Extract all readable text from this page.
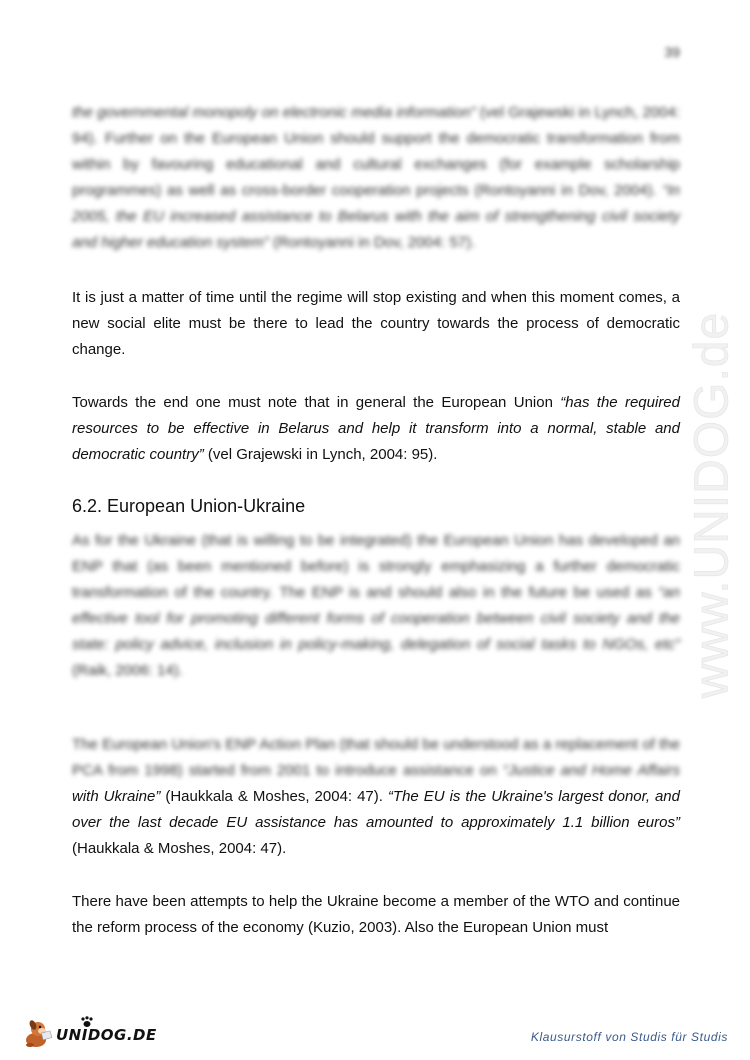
39
www.UNIDOG.de

the governmental monopoly on electronic media information” (vel Grajewski in Lynch, 2004: 94). Further on the European Union should support the democratic transformation from within by favouring educational and cultural exchanges (for example scholarship programmes) as well as cross-border cooperation projects (Rontoyanni in Dov, 2004). “In 2005, the EU increased assistance to Belarus with the aim of strengthening civil society and higher education system” (Rontoyanni in Dov, 2004: 57).

It is just a matter of time until the regime will stop existing and when this moment comes, a new social elite must be there to lead the country towards the process of democratic change.

Towards the end one must note that in general the European Union “has the required resources to be effective in Belarus and help it transform into a normal, stable and democratic country” (vel Grajewski in Lynch, 2004: 95).

6.2. European Union-Ukraine

As for the Ukraine (that is willing to be integrated) the European Union has developed an ENP that (as been mentioned before) is strongly emphasizing a further democratic transformation of the country. The ENP is and should also in the future be used as “an effective tool for promoting different forms of cooperation between civil society and the state: policy advice, inclusion in policy-making, delegation of social tasks to NGOs, etc” (Raik, 2006: 14).

The European Union's ENP Action Plan (that should be understood as a replacement of the PCA from 1998) started from 2001 to introduce assistance on “Justice and Home Affairs

with Ukraine” (Haukkala & Moshes, 2004: 47). “The EU is the Ukraine's largest donor, and over the last decade EU assistance has amounted to approximately 1.1 billion euros” (Haukkala & Moshes, 2004: 47).

There have been attempts to help the Ukraine become a member of the WTO and continue the reform process of the economy (Kuzio, 2003). Also the European Union must

UNIDOG.DE	Klausurstoff von Studis für Studis
